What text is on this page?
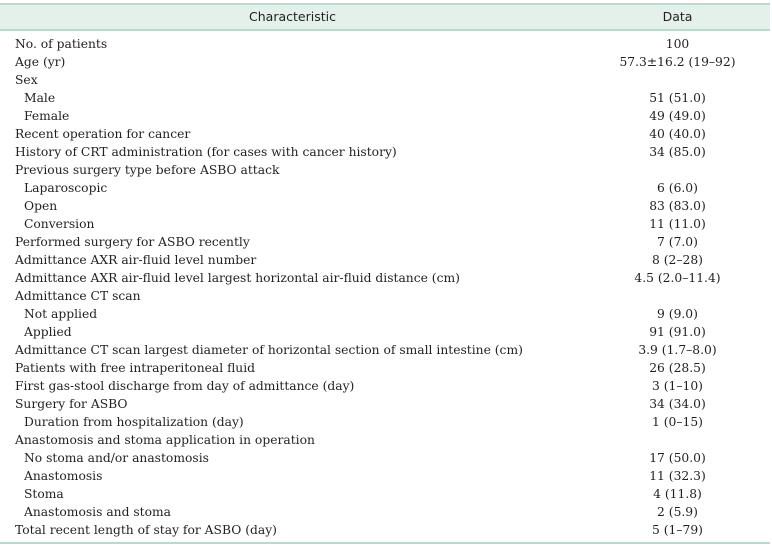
Characteristic	Data
No. of patients	100
Age (yr)	57.3±16.2 (19–92)
Sex
Male	51 (51.0)
Female	49 (49.0)
Recent operation for cancer	40 (40.0)
History of CRT administration (for cases with cancer history)	34 (85.0)
Previous surgery type before ASBO attack
Laparoscopic	6 (6.0)
Open	83 (83.0)
Conversion	11 (11.0)
Performed surgery for ASBO recently	7 (7.0)
Admittance AXR air-fluid level number	8 (2–28)
Admittance AXR air-fluid level largest horizontal air-fluid distance (cm)	4.5 (2.0–11.4)
Admittance CT scan
Not applied	9 (9.0)
Applied	91 (91.0)
Admittance CT scan largest diameter of horizontal section of small intestine (cm)	3.9 (1.7–8.0)
Patients with free intraperitoneal fluid	26 (28.5)
First gas-stool discharge from day of admittance (day)	3 (1–10)
Surgery for ASBO	34 (34.0)
Duration from hospitalization (day)	1 (0–15)
Anastomosis and stoma application in operation
No stoma and/or anastomosis	17 (50.0)
Anastomosis	11 (32.3)
Stoma	4 (11.8)
Anastomosis and stoma	2 (5.9)
Total recent length of stay for ASBO (day)	5 (1–79)
